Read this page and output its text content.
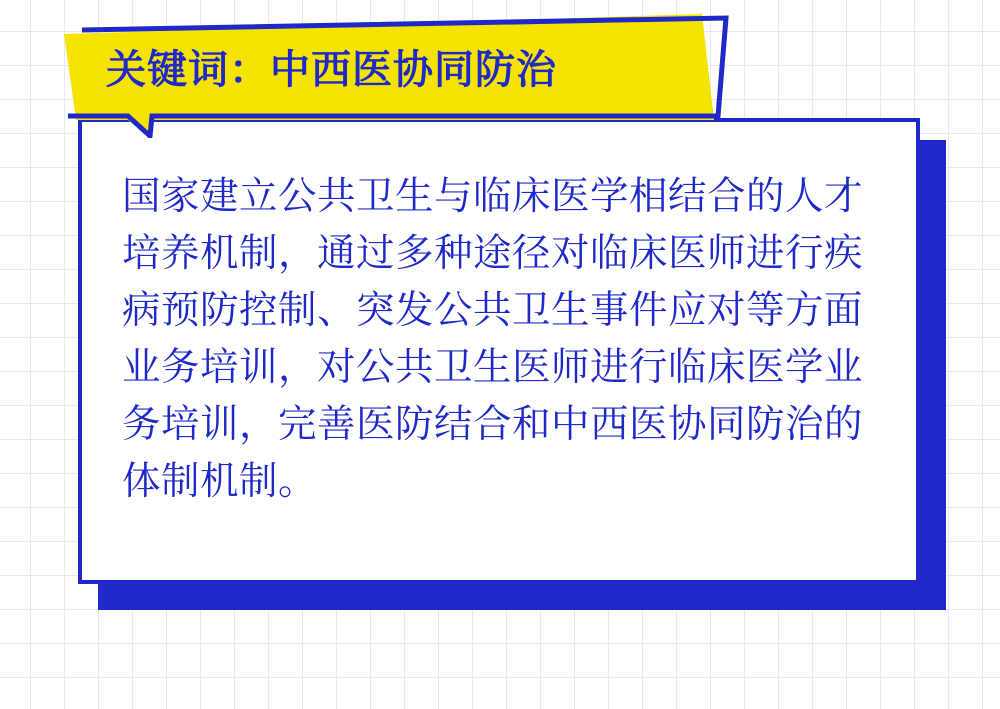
国家建立公共卫生与临床医学相结合的人才培养机制，通过多种途径对临床医师进行疾病预防控制、突发公共卫生事件应对等方面业务培训，对公共卫生医师进行临床医学业务培训，完善医防结合和中西医协同防治的体制机制。
关键词：中西医协同防治
